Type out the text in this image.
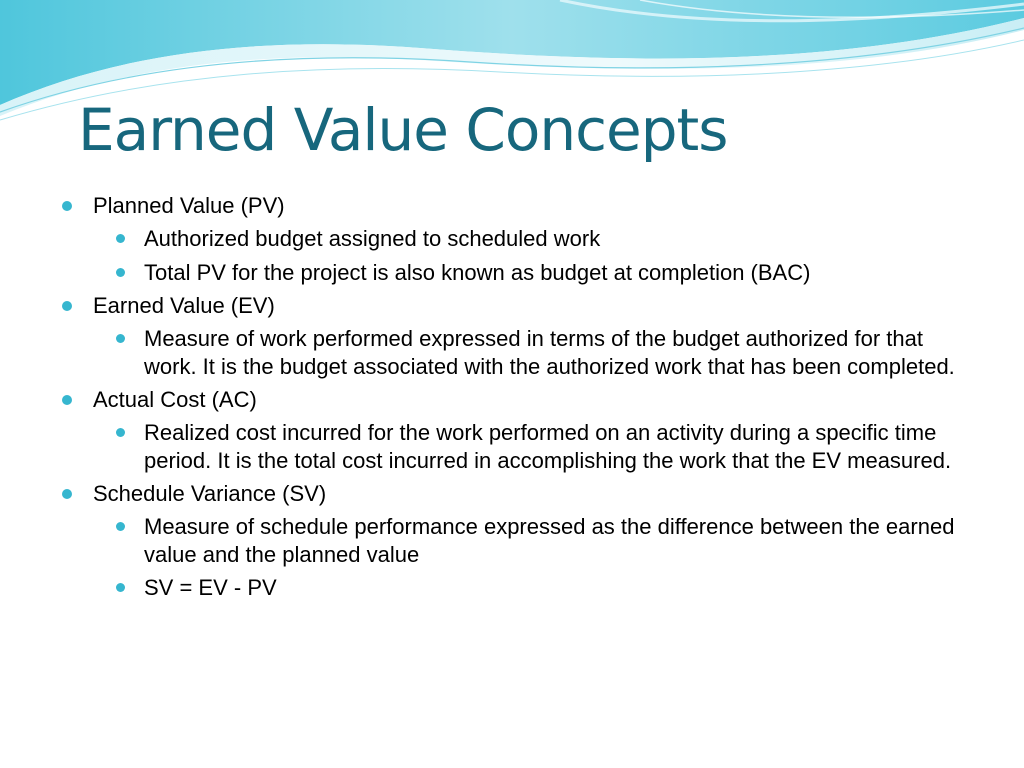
Earned Value Concepts
Planned Value (PV)
Authorized budget assigned to scheduled work
Total PV for the project is also known as budget at completion (BAC)
Earned Value (EV)
Measure of work performed expressed in terms of the budget authorized for that work. It is the budget associated with the authorized work that has been completed.
Actual Cost (AC)
Realized cost incurred for the work performed on an activity during a specific time period. It is the total cost incurred in accomplishing the work that the EV measured.
Schedule Variance (SV)
Measure of schedule performance expressed as the difference between the earned value and the planned value
SV = EV - PV
